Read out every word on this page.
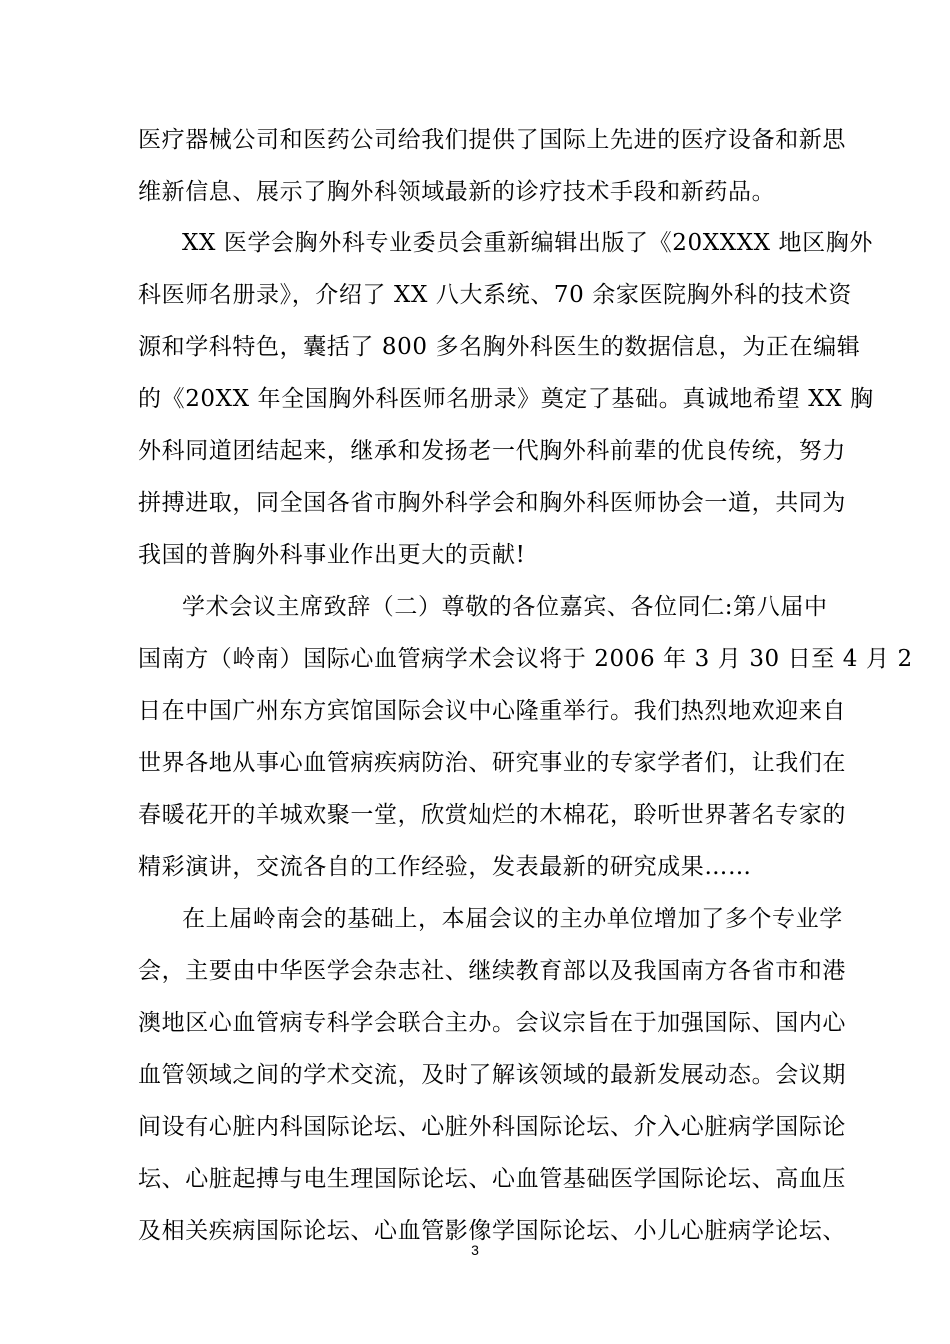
医疗器械公司和医药公司给我们提供了国际上先进的医疗设备和新思
维新信息、展示了胸外科领域最新的诊疗技术手段和新药品。
XX 医学会胸外科专业委员会重新编辑出版了《20XXXX 地区胸外
科医师名册录》，介绍了 XX 八大系统、70 余家医院胸外科的技术资
源和学科特色，囊括了 800 多名胸外科医生的数据信息，为正在编辑
的《20XX 年全国胸外科医师名册录》奠定了基础。真诚地希望 XX 胸
外科同道团结起来，继承和发扬老一代胸外科前辈的优良传统，努力
拼搏进取，同全国各省市胸外科学会和胸外科医师协会一道，共同为
我国的普胸外科事业作出更大的贡献!
学术会议主席致辞（二）尊敬的各位嘉宾、各位同仁:第八届中
国南方（岭南）国际心血管病学术会议将于 2006 年 3 月 30 日至 4 月 2
日在中国广州东方宾馆国际会议中心隆重举行。我们热烈地欢迎来自
世界各地从事心血管病疾病防治、研究事业的专家学者们，让我们在
春暖花开的羊城欢聚一堂，欣赏灿烂的木棉花，聆听世界著名专家的
精彩演讲，交流各自的工作经验，发表最新的研究成果……
在上届岭南会的基础上，本届会议的主办单位增加了多个专业学
会，主要由中华医学会杂志社、继续教育部以及我国南方各省市和港
澳地区心血管病专科学会联合主办。会议宗旨在于加强国际、国内心
血管领域之间的学术交流，及时了解该领域的最新发展动态。会议期
间设有心脏内科国际论坛、心脏外科国际论坛、介入心脏病学国际论
坛、心脏起搏与电生理国际论坛、心血管基础医学国际论坛、高血压
及相关疾病国际论坛、心血管影像学国际论坛、小儿心脏病学论坛、
3
